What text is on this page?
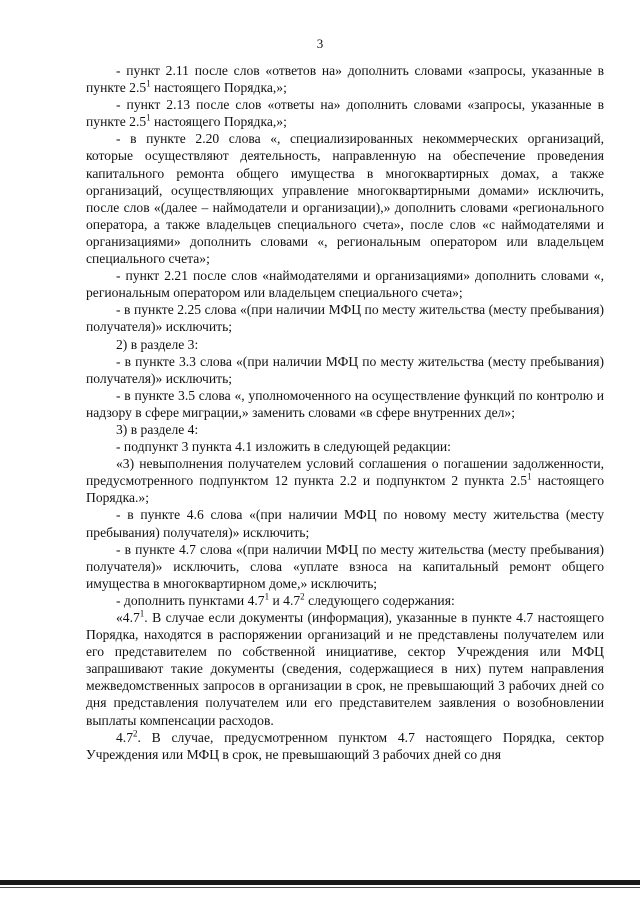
3

- пункт 2.11 после слов «ответов на» дополнить словами «запросы, указанные в пункте $2.5^1$ настоящего Порядка,»;

- пункт 2.13 после слов «ответы на» дополнить словами «запросы, указанные в пункте $2.5^1$ настоящего Порядка,»;

- в пункте 2.20 слова «, специализированных некоммерческих организаций, которые осуществляют деятельность, направленную на обеспечение проведения капитального ремонта общего имущества в многоквартирных домах, а также организаций, осуществляющих управление многоквартирными домами» исключить, после слов «(далее – наймодатели и организации),» дополнить словами «регионального оператора, а также владельцев специального счета», после слов «с наймодателями и организациями» дополнить словами «, региональным оператором или владельцем специального счета»;

- пункт 2.21 после слов «наймодателями и организациями» дополнить словами «, региональным оператором или владельцем специального счета»;

- в пункте 2.25 слова «(при наличии МФЦ по месту жительства (месту пребывания) получателя)» исключить;

2) в разделе 3:

- в пункте 3.3 слова «(при наличии МФЦ по месту жительства (месту пребывания) получателя)» исключить;

- в пункте 3.5 слова «, уполномоченного на осуществление функций по контролю и надзору в сфере миграции,» заменить словами «в сфере внутренних дел»;

3) в разделе 4:

- подпункт 3 пункта 4.1 изложить в следующей редакции:

«3) невыполнения получателем условий соглашения о погашении задолженности, предусмотренного подпунктом 12 пункта 2.2 и подпунктом 2 пункта $2.5^1$ настоящего Порядка.»;

- в пункте 4.6 слова «(при наличии МФЦ по новому месту жительства (месту пребывания) получателя)» исключить;

- в пункте 4.7 слова «(при наличии МФЦ по месту жительства (месту пребывания) получателя)» исключить, слова «уплате взноса на капитальный ремонт общего имущества в многоквартирном доме,» исключить;

- дополнить пунктами $4.7^1$ и $4.7^2$ следующего содержания:

«$4.7^1$. В случае если документы (информация), указанные в пункте 4.7 настоящего Порядка, находятся в распоряжении организаций и не представлены получателем или его представителем по собственной инициативе, сектор Учреждения или МФЦ запрашивают такие документы (сведения, содержащиеся в них) путем направления межведомственных запросов в организации в срок, не превышающий 3 рабочих дней со дня представления получателем или его представителем заявления о возобновлении выплаты компенсации расходов.

$4.7^2$. В случае, предусмотренном пунктом 4.7 настоящего Порядка, сектор Учреждения или МФЦ в срок, не превышающий 3 рабочих дней со дня
